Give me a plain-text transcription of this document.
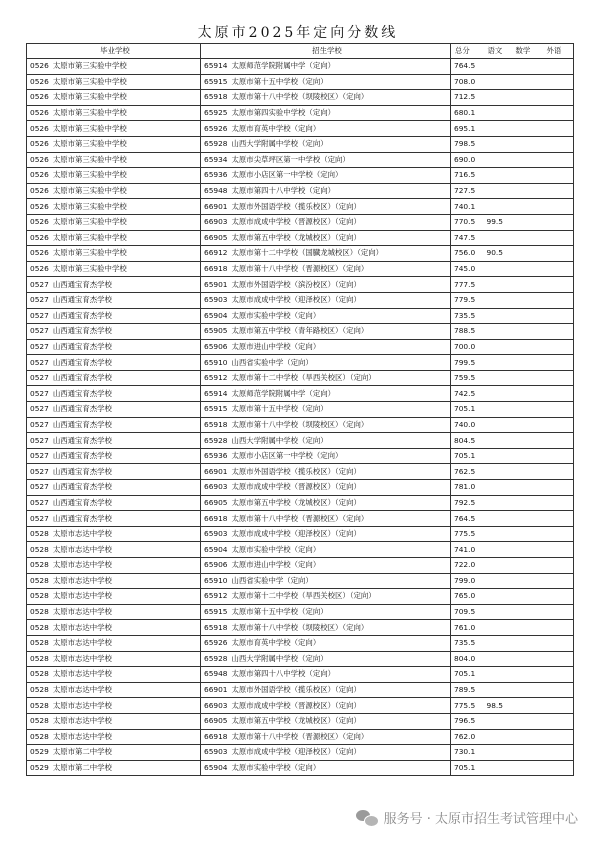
太原市2025年定向分数线
毕业学校	招生学校	总分	语文	数学	外语
0526 太原市第三实验中学校	65914 太原师范学院附属中学（定向）	764.5			
0526 太原市第三实验中学校	65915 太原市第十五中学校（定向）	708.0			
0526 太原市第三实验中学校	65918 太原市第十八中学校（坝陵校区）（定向）	712.5			
0526 太原市第三实验中学校	65925 太原市第四实验中学校（定向）	680.1			
0526 太原市第三实验中学校	65926 太原市育英中学校（定向）	695.1			
0526 太原市第三实验中学校	65928 山西大学附属中学校（定向）	798.5			
0526 太原市第三实验中学校	65934 太原市尖草坪区第一中学校（定向）	690.0			
0526 太原市第三实验中学校	65936 太原市小店区第一中学校（定向）	716.5			
0526 太原市第三实验中学校	65948 太原市第四十八中学校（定向）	727.5			
0526 太原市第三实验中学校	66901 太原市外国语学校（揽乐校区）（定向）	740.1			
0526 太原市第三实验中学校	66903 太原市成成中学校（晋源校区）（定向）	770.5	99.5		
0526 太原市第三实验中学校	66905 太原市第五中学校（龙城校区）（定向）	747.5			
0526 太原市第三实验中学校	66912 太原市第十二中学校（国臓龙城校区）（定向）	756.0	90.5		
0526 太原市第三实验中学校	66918 太原市第十八中学校（晋源校区）（定向）	745.0			
0527 山西通宝育杰学校	65901 太原市外国语学校（滨汾校区）（定向）	777.5			
0527 山西通宝育杰学校	65903 太原市成成中学校（迎泽校区）（定向）	779.5			
0527 山西通宝育杰学校	65904 太原市实验中学校（定向）	735.5			
0527 山西通宝育杰学校	65905 太原市第五中学校（青年路校区）（定向）	788.5			
0527 山西通宝育杰学校	65906 太原市进山中学校（定向）	700.0			
0527 山西通宝育杰学校	65910 山西省实验中学（定向）	799.5			
0527 山西通宝育杰学校	65912 太原市第十二中学校（旱西关校区）（定向）	759.5			
0527 山西通宝育杰学校	65914 太原师范学院附属中学（定向）	742.5			
0527 山西通宝育杰学校	65915 太原市第十五中学校（定向）	705.1			
0527 山西通宝育杰学校	65918 太原市第十八中学校（坝陵校区）（定向）	740.0			
0527 山西通宝育杰学校	65928 山西大学附属中学校（定向）	804.5			
0527 山西通宝育杰学校	65936 太原市小店区第一中学校（定向）	705.1			
0527 山西通宝育杰学校	66901 太原市外国语学校（揽乐校区）（定向）	762.5			
0527 山西通宝育杰学校	66903 太原市成成中学校（晋源校区）（定向）	781.0			
0527 山西通宝育杰学校	66905 太原市第五中学校（龙城校区）（定向）	792.5			
0527 山西通宝育杰学校	66918 太原市第十八中学校（晋源校区）（定向）	764.5			
0528 太原市志达中学校	65903 太原市成成中学校（迎泽校区）（定向）	775.5			
0528 太原市志达中学校	65904 太原市实验中学校（定向）	741.0			
0528 太原市志达中学校	65906 太原市进山中学校（定向）	722.0			
0528 太原市志达中学校	65910 山西省实验中学（定向）	799.0			
0528 太原市志达中学校	65912 太原市第十二中学校（旱西关校区）（定向）	765.0			
0528 太原市志达中学校	65915 太原市第十五中学校（定向）	709.5			
0528 太原市志达中学校	65918 太原市第十八中学校（坝陵校区）（定向）	761.0			
0528 太原市志达中学校	65926 太原市育英中学校（定向）	735.5			
0528 太原市志达中学校	65928 山西大学附属中学校（定向）	804.0			
0528 太原市志达中学校	65948 太原市第四十八中学校（定向）	705.1			
0528 太原市志达中学校	66901 太原市外国语学校（揽乐校区）（定向）	789.5			
0528 太原市志达中学校	66903 太原市成成中学校（晋源校区）（定向）	775.5	98.5		
0528 太原市志达中学校	66905 太原市第五中学校（龙城校区）（定向）	796.5			
0528 太原市志达中学校	66918 太原市第十八中学校（晋源校区）（定向）	762.0			
0529 太原市第二中学校	65903 太原市成成中学校（迎泽校区）（定向）	730.1			
0529 太原市第二中学校	65904 太原市实验中学校（定向）	705.1			
服务号 · 太原市招生考试管理中心
